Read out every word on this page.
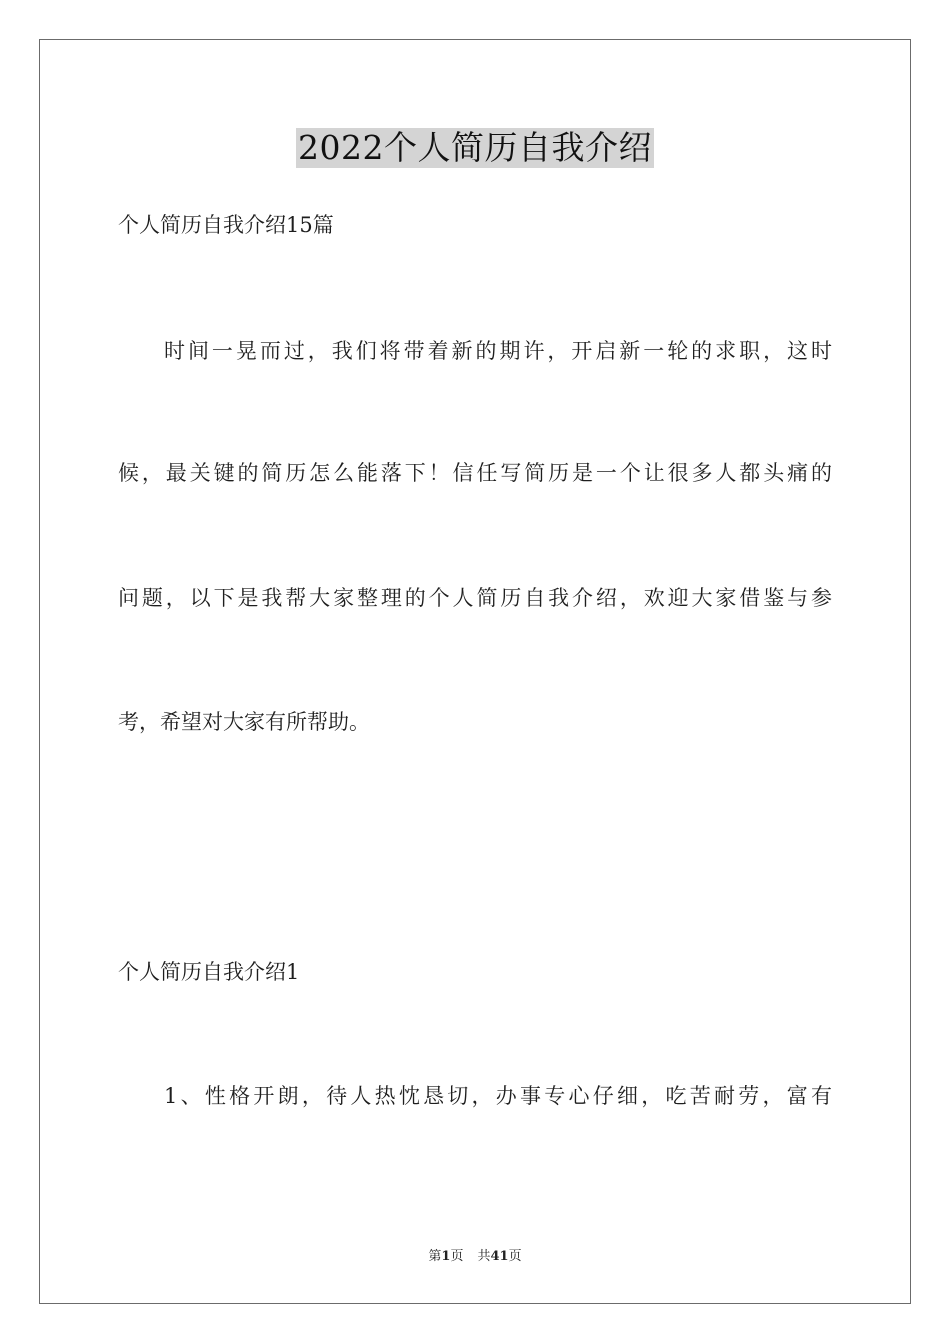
2022个人简历自我介绍
个人简历自我介绍15篇
时间一晃而过，我们将带着新的期许，开启新一轮的求职，这时
候，最关键的简历怎么能落下！信任写简历是一个让很多人都头痛的
问题，以下是我帮大家整理的个人简历自我介绍，欢迎大家借鉴与参
考，希望对大家有所帮助。
个人简历自我介绍1
1、性格开朗，待人热忱恳切，办事专心仔细，吃苦耐劳，富有
第1页 共41页
